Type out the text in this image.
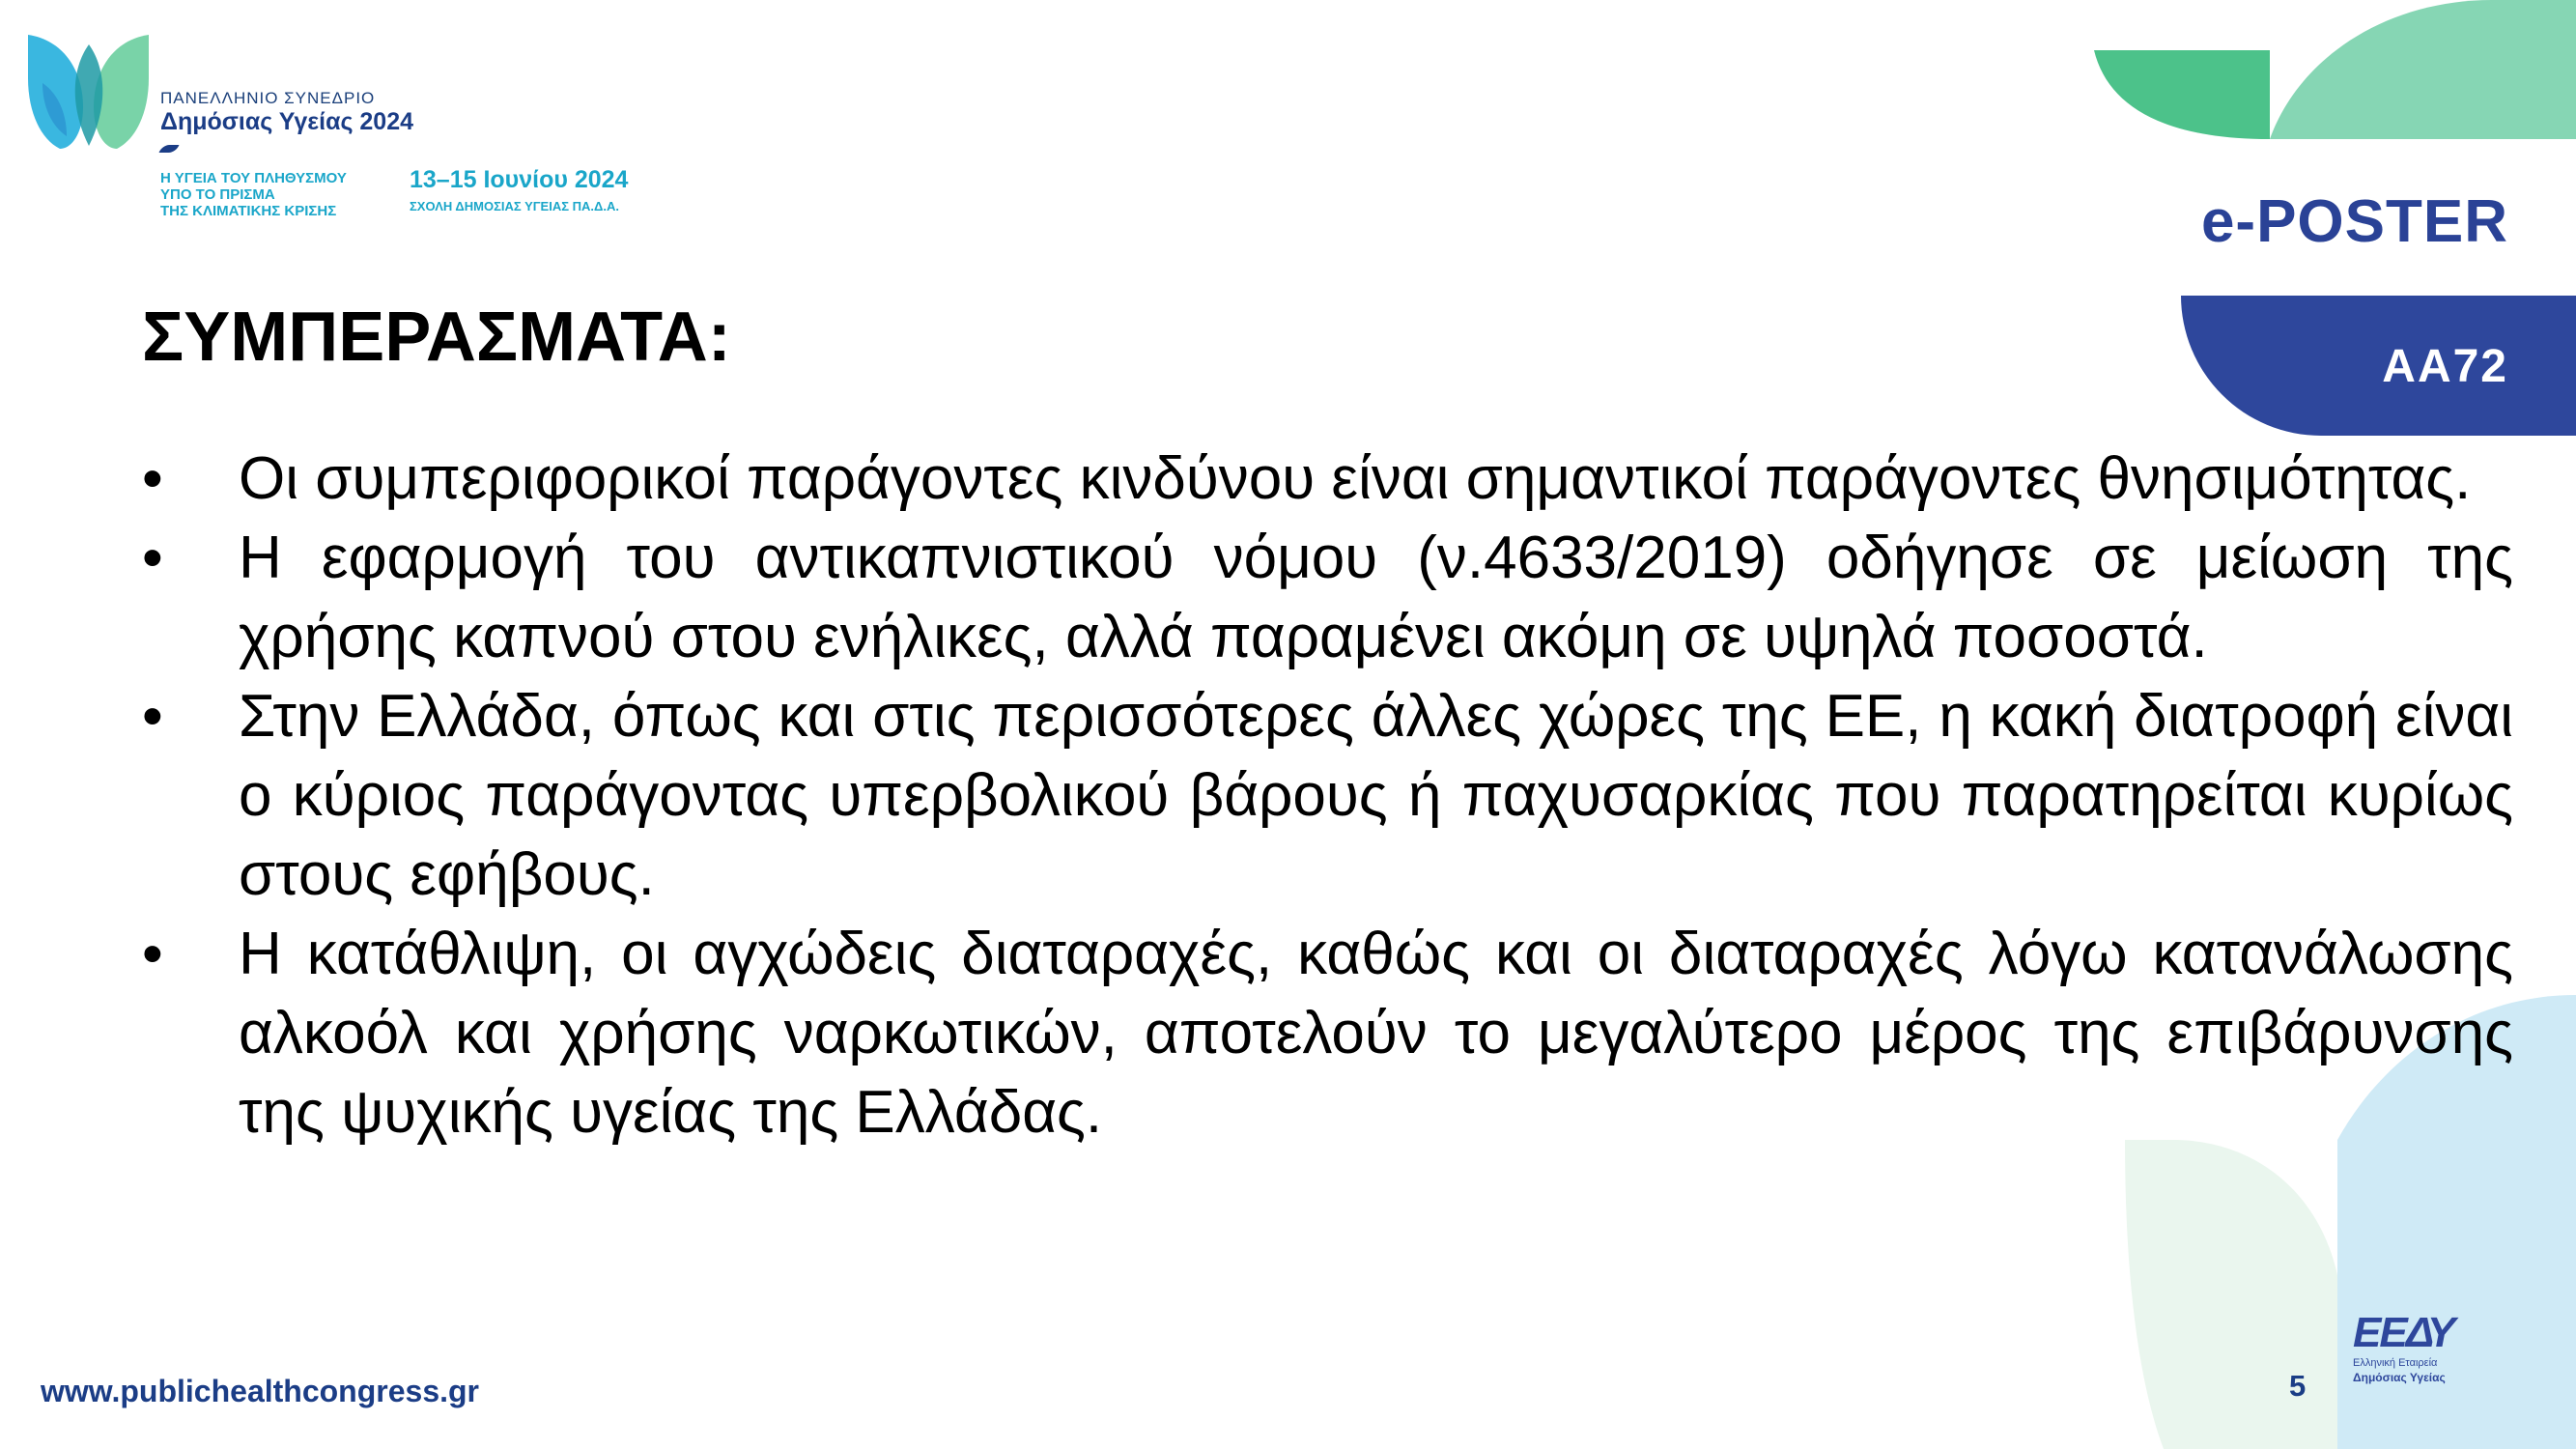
ΠΑΝΕΛΛΗΝΙΟ ΣΥΝΕΔΡΙΟ
Δημόσιας Υγείας 2024
Η ΥΓΕΙΑ ΤΟΥ ΠΛΗΘΥΣΜΟΥ
ΥΠΟ ΤΟ ΠΡΙΣΜΑ
ΤΗΣ ΚΛΙΜΑΤΙΚΗΣ ΚΡΙΣΗΣ
13–15 Ιουνίου 2024
ΣΧΟΛΗ ΔΗΜΟΣΙΑΣ ΥΓΕΙΑΣ ΠΑ.Δ.Α.	e-POSTER
AA72
ΣΥΜΠΕΡΑΣΜΑΤΑ:
• Οι συμπεριφορικοί παράγοντες κινδύνου είναι σημαντικοί παράγοντες θνησιμότητας.
• Η εφαρμογή του αντικαπνιστικού νόμου (ν.4633/2019) οδήγησε σε μείωση της χρήσης καπνού στου ενήλικες, αλλά παραμένει ακόμη σε υψηλά ποσοστά.
• Στην Ελλάδα, όπως και στις περισσότερες άλλες χώρες της ΕΕ, η κακή διατροφή είναι ο κύριος παράγοντας υπερβολικού βάρους ή παχυσαρκίας που παρατηρείται κυρίως στους εφήβους.
• Η κατάθλιψη, οι αγχώδεις διαταραχές, καθώς και οι διαταραχές λόγω κατανάλωσης αλκοόλ και χρήσης ναρκωτικών, αποτελούν το μεγαλύτερο μέρος της επιβάρυνσης της ψυχικής υγείας της Ελλάδας.
www.publichealthcongress.gr	5
ΕΕΔΥ
Ελληνική Εταιρεία
Δημόσιας Υγείας
